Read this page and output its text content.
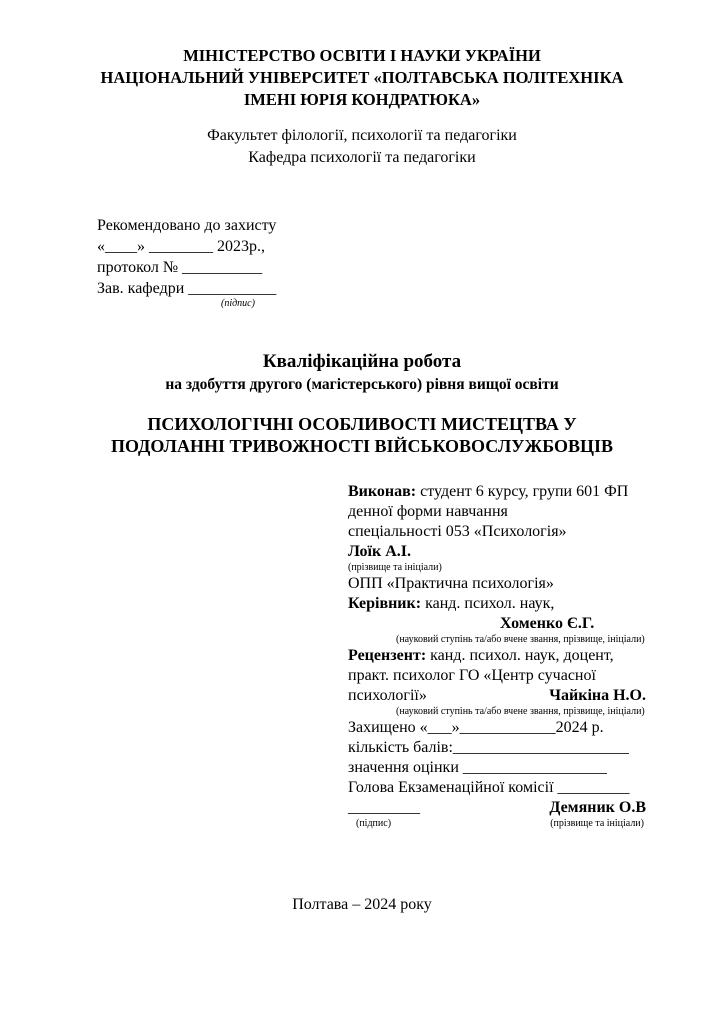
МІНІСТЕРСТВО ОСВІТИ І НАУКИ УКРАЇНИ
НАЦІОНАЛЬНИЙ УНІВЕРСИТЕТ «ПОЛТАВСЬКА ПОЛІТЕХНІКА
ІМЕНІ ЮРІЯ КОНДРАТЮКА»
Факультет філології, психології та педагогіки
Кафедра психології та педагогіки
Рекомендовано до захисту
«____» ________ 2023р.,
протокол № __________
Зав. кафедри ___________
(підпис)
Кваліфікаційна робота
на здобуття другого (магістерського) рівня вищої освіти
ПСИХОЛОГІЧНІ ОСОБЛИВОСТІ МИСТЕЦТВА У
ПОДОЛАННІ ТРИВОЖНОСТІ ВІЙСЬКОВОСЛУЖБОВЦІВ
Виконав: студент 6 курсу, групи 601 ФП
денної форми навчання
спеціальності 053 «Психологія»
Лоїк А.І.
(прізвище та ініціали)
ОПП «Практична психологія»
Керівник: канд. психол. наук,
Хоменко Є.Г.
(науковий ступінь та/або вчене звання, прізвище, ініціали)
Рецензент: канд. психол. наук, доцент,
практ. психолог ГО «Центр сучасної
психології»	Чайкіна Н.О.
(науковий ступінь та/або вчене звання, прізвище, ініціали)
Захищено «___»____________2024 р.
кількість балів:______________________
значення оцінки __________________
Голова Екзаменаційної комісії _________
_________	Демяник О.В
(підпис)	(прізвище та ініціали)
Полтава – 2024 року
